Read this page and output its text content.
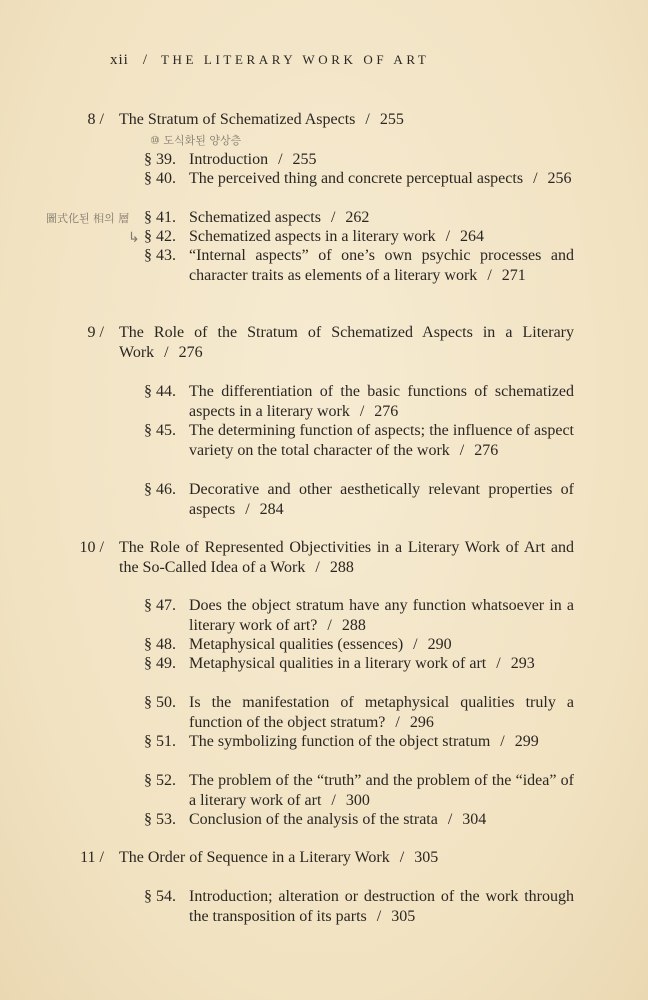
xii / THE LITERARY WORK OF ART
8 / The Stratum of Schematized Aspects / 255
⑩ 도식화된 양상층
§ 39. Introduction / 255
§ 40. The perceived thing and concrete perceptual aspects / 256
圖式化된 相의 層 § 41. Schematized aspects / 262
↳ § 42. Schematized aspects in a literary work / 264
§ 43. “Internal aspects” of one’s own psychic processes and character traits as elements of a literary work / 271
9 / The Role of the Stratum of Schematized Aspects in a Literary Work / 276
§ 44. The differentiation of the basic functions of schematized aspects in a literary work / 276
§ 45. The determining function of aspects; the influence of aspect variety on the total character of the work / 276
§ 46. Decorative and other aesthetically relevant properties of aspects / 284
10 / The Role of Represented Objectivities in a Literary Work of Art and the So-Called Idea of a Work / 288
§ 47. Does the object stratum have any function whatsoever in a literary work of art? / 288
§ 48. Metaphysical qualities (essences) / 290
§ 49. Metaphysical qualities in a literary work of art / 293
§ 50. Is the manifestation of metaphysical qualities truly a function of the object stratum? / 296
§ 51. The symbolizing function of the object stratum / 299
§ 52. The problem of the “truth” and the problem of the “idea” of a literary work of art / 300
§ 53. Conclusion of the analysis of the strata / 304
11 / The Order of Sequence in a Literary Work / 305
§ 54. Introduction; alteration or destruction of the work through the transposition of its parts / 305
